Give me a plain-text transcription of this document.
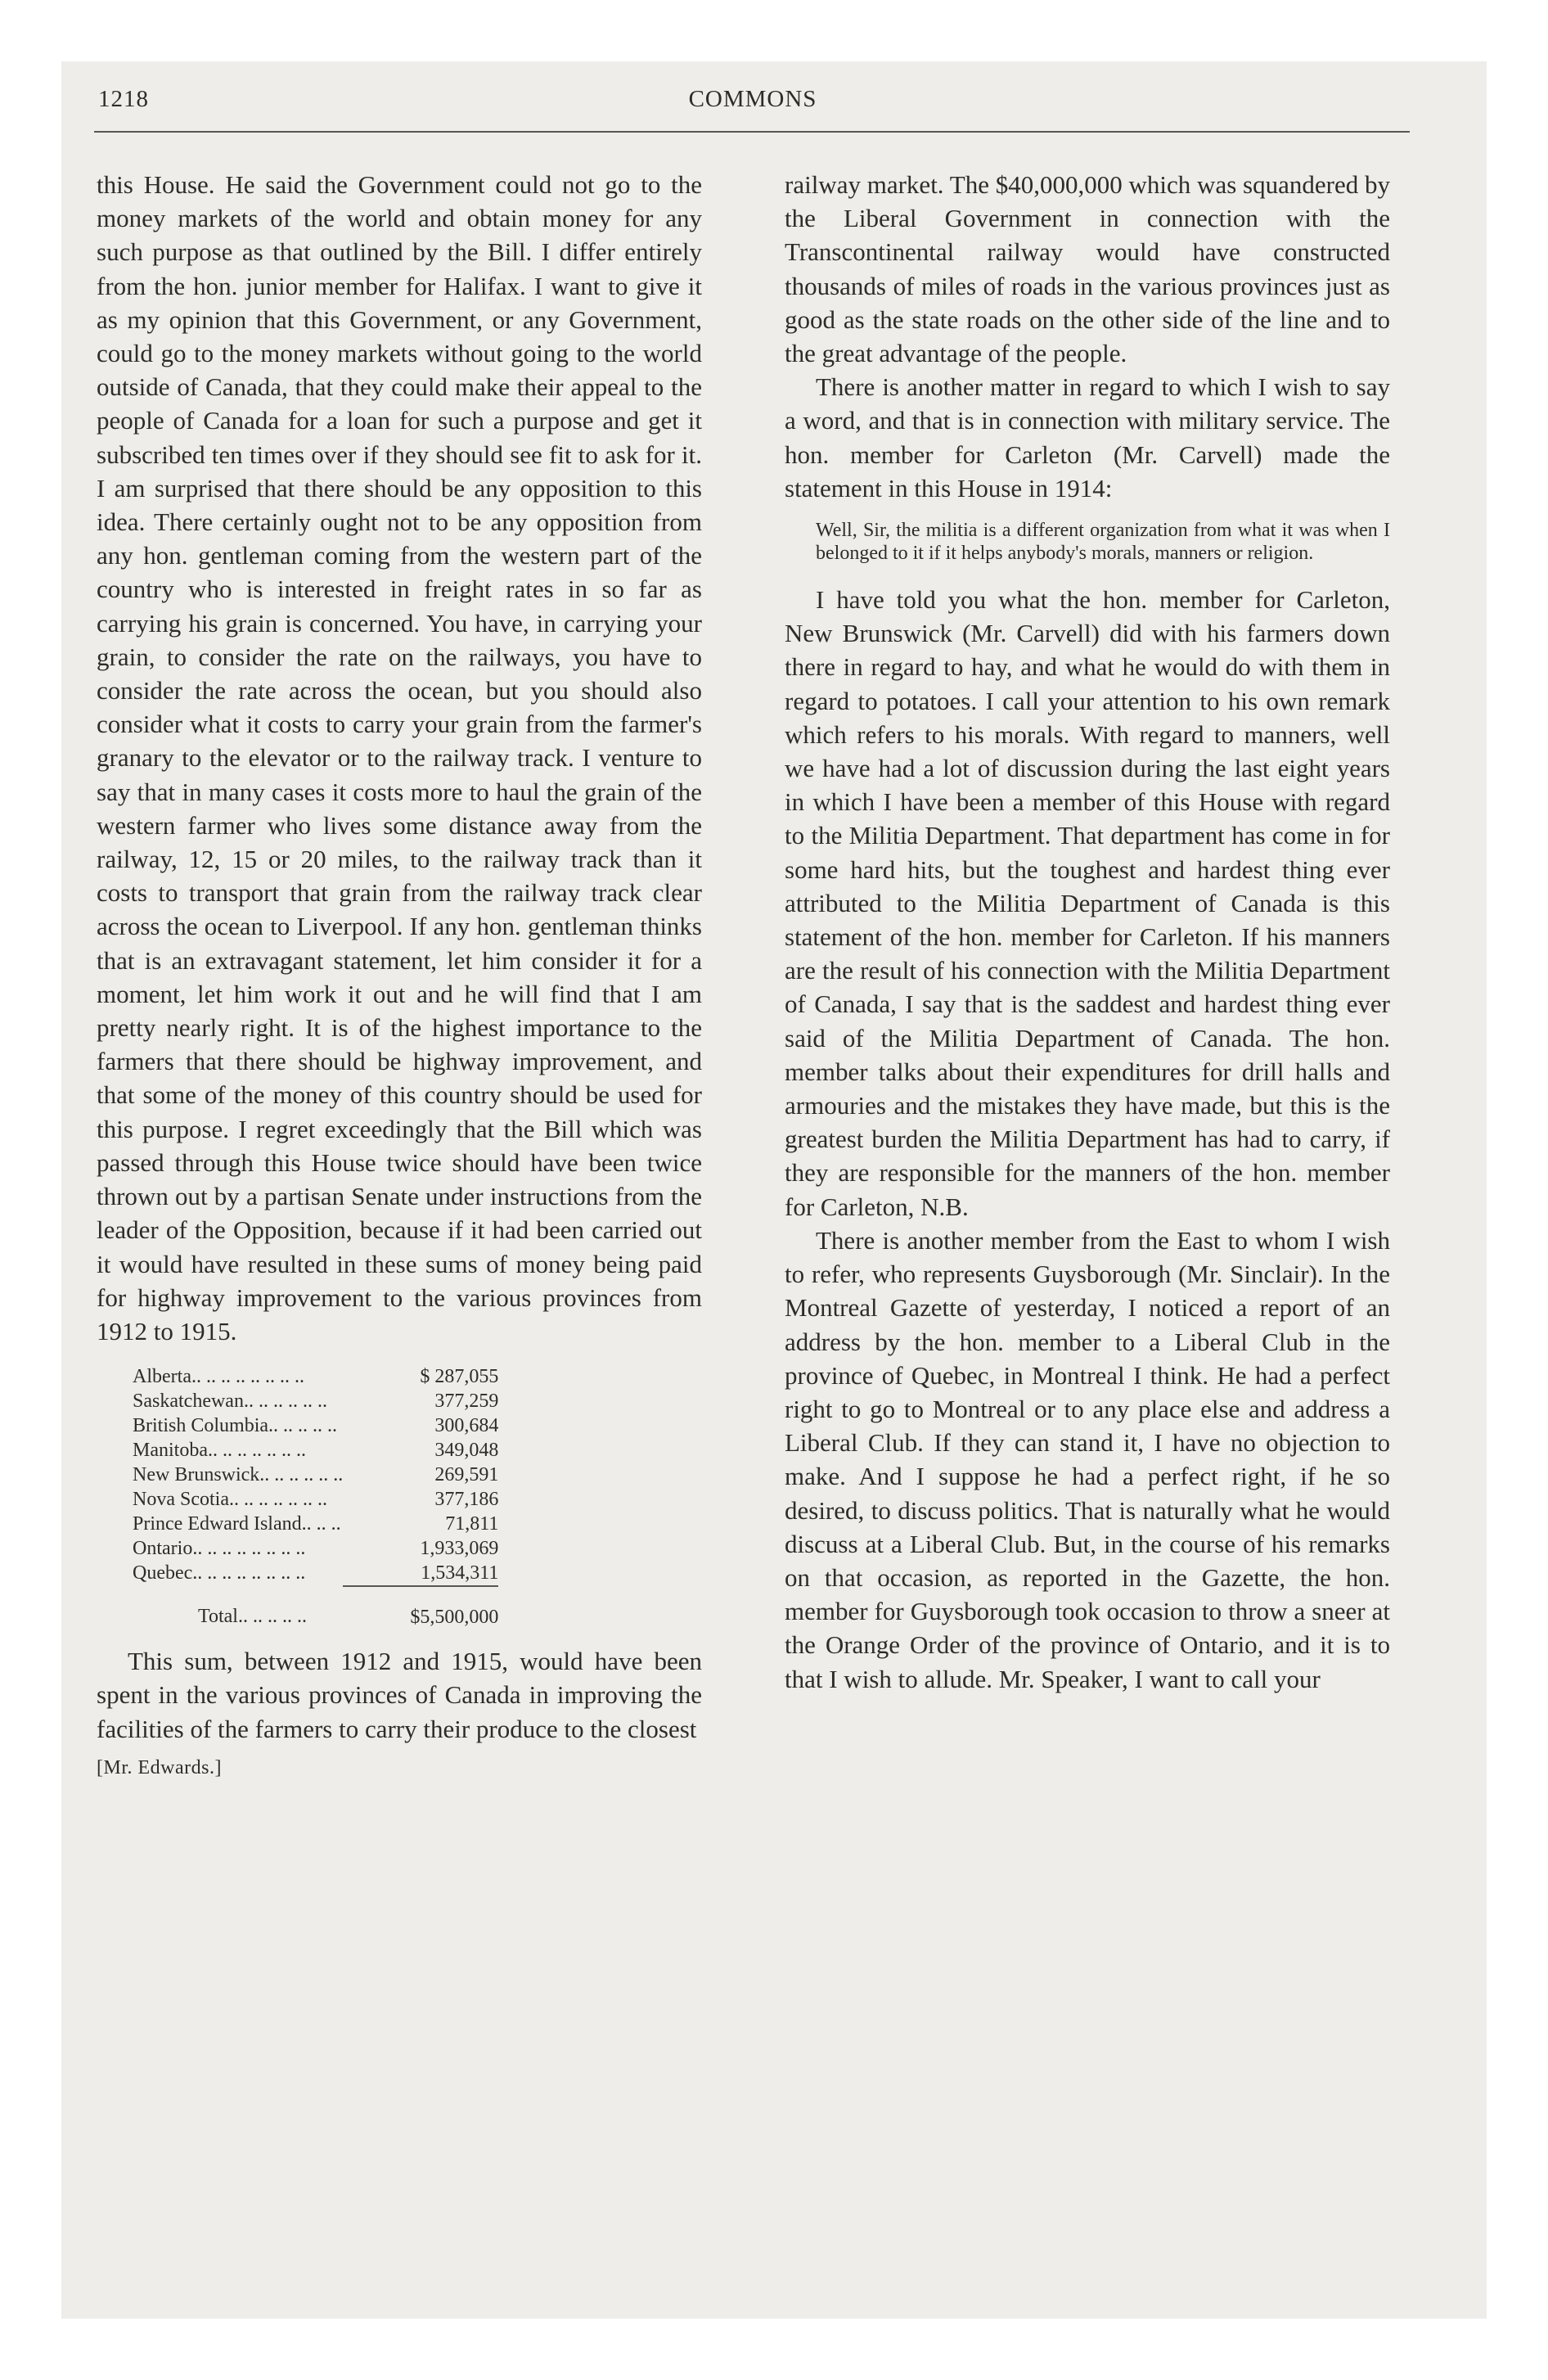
1218	COMMONS

this House. He said the Government could not go to the money markets of the world and obtain money for any such purpose as that outlined by the Bill. I differ entirely from the hon. junior member for Halifax. I want to give it as my opinion that this Government, or any Government, could go to the money markets without going to the world outside of Canada, that they could make their appeal to the people of Canada for a loan for such a purpose and get it subscribed ten times over if they should see fit to ask for it. I am surprised that there should be any opposition to this idea. There certainly ought not to be any opposition from any hon. gentleman coming from the western part of the country who is interested in freight rates in so far as carrying his grain is concerned. You have, in carrying your grain, to consider the rate on the railways, you have to consider the rate across the ocean, but you should also consider what it costs to carry your grain from the farmer's granary to the elevator or to the railway track. I venture to say that in many cases it costs more to haul the grain of the western farmer who lives some distance away from the railway, 12, 15 or 20 miles, to the railway track than it costs to transport that grain from the railway track clear across the ocean to Liverpool. If any hon. gentleman thinks that is an extravagant statement, let him consider it for a moment, let him work it out and he will find that I am pretty nearly right. It is of the highest importance to the farmers that there should be highway improvement, and that some of the money of this country should be used for this purpose. I regret exceedingly that the Bill which was passed through this House twice should have been twice thrown out by a partisan Senate under instructions from the leader of the Opposition, because if it had been carried out it would have resulted in these sums of money being paid for highway improvement to the various provinces from 1912 to 1915.

Alberta.. .. .. .. .. .. .. ..	$ 287,055
Saskatchewan.. .. .. .. .. ..	377,259
British Columbia.. .. .. .. ..	300,684
Manitoba.. .. .. .. .. .. ..	349,048
New Brunswick.. .. .. .. .. ..	269,591
Nova Scotia.. .. .. .. .. .. ..	377,186
Prince Edward Island.. .. ..	71,811
Ontario.. .. .. .. .. .. .. ..	1,933,069
Quebec.. .. .. .. .. .. .. ..	1,534,311
Total.. .. .. .. ..	$5,500,000

This sum, between 1912 and 1915, would have been spent in the various provinces of Canada in improving the facilities of the farmers to carry their produce to the closest

[Mr. Edwards.]

railway market. The $40,000,000 which was squandered by the Liberal Government in connection with the Transcontinental railway would have constructed thousands of miles of roads in the various provinces just as good as the state roads on the other side of the line and to the great advantage of the people.

There is another matter in regard to which I wish to say a word, and that is in connection with military service. The hon. member for Carleton (Mr. Carvell) made the statement in this House in 1914:

Well, Sir, the militia is a different organization from what it was when I belonged to it if it helps anybody's morals, manners or religion.

I have told you what the hon. member for Carleton, New Brunswick (Mr. Carvell) did with his farmers down there in regard to hay, and what he would do with them in regard to potatoes. I call your attention to his own remark which refers to his morals. With regard to manners, well we have had a lot of discussion during the last eight years in which I have been a member of this House with regard to the Militia Department. That department has come in for some hard hits, but the toughest and hardest thing ever attributed to the Militia Department of Canada is this statement of the hon. member for Carleton. If his manners are the result of his connection with the Militia Department of Canada, I say that is the saddest and hardest thing ever said of the Militia Department of Canada. The hon. member talks about their expenditures for drill halls and armouries and the mistakes they have made, but this is the greatest burden the Militia Department has had to carry, if they are responsible for the manners of the hon. member for Carleton, N.B.

There is another member from the East to whom I wish to refer, who represents Guysborough (Mr. Sinclair). In the Montreal Gazette of yesterday, I noticed a report of an address by the hon. member to a Liberal Club in the province of Quebec, in Montreal I think. He had a perfect right to go to Montreal or to any place else and address a Liberal Club. If they can stand it, I have no objection to make. And I suppose he had a perfect right, if he so desired, to discuss politics. That is naturally what he would discuss at a Liberal Club. But, in the course of his remarks on that occasion, as reported in the Gazette, the hon. member for Guysborough took occasion to throw a sneer at the Orange Order of the province of Ontario, and it is to that I wish to allude. Mr. Speaker, I want to call your
